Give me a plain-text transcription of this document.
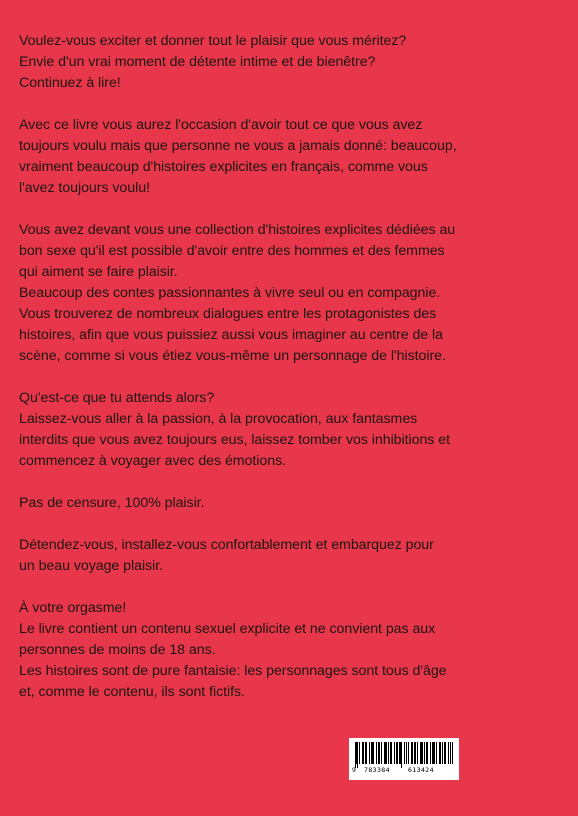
Voulez-vous exciter et donner tout le plaisir que vous méritez?
Envie d'un vrai moment de détente intime et de bienêtre?
Continuez à lire!

Avec ce livre vous aurez l'occasion d'avoir tout ce que vous avez
toujours voulu mais que personne ne vous a jamais donné: beaucoup,
vraiment beaucoup d'histoires explicites en français, comme vous
l'avez toujours voulu!

Vous avez devant vous une collection d'histoires explicites dédiées au
bon sexe qu'il est possible d'avoir entre des hommes et des femmes
qui aiment se faire plaisir.
Beaucoup des contes passionnantes à vivre seul ou en compagnie.
Vous trouverez de nombreux dialogues entre les protagonistes des
histoires, afin que vous puissiez aussi vous imaginer au centre de la
scène, comme si vous étiez vous-même un personnage de l'histoire.

Qu'est-ce que tu attends alors?
Laissez-vous aller à la passion, à la provocation, aux fantasmes
interdits que vous avez toujours eus, laissez tomber vos inhibitions et
commencez à voyager avec des émotions.

Pas de censure, 100% plaisir.

Détendez-vous, installez-vous confortablement et embarquez pour
un beau voyage plaisir.

À votre orgasme!
Le livre contient un contenu sexuel explicite et ne convient pas aux
personnes de moins de 18 ans.
Les histoires sont de pure fantaisie: les personnages sont tous d'âge
et, comme le contenu, ils sont fictifs.

9 783384	613424
